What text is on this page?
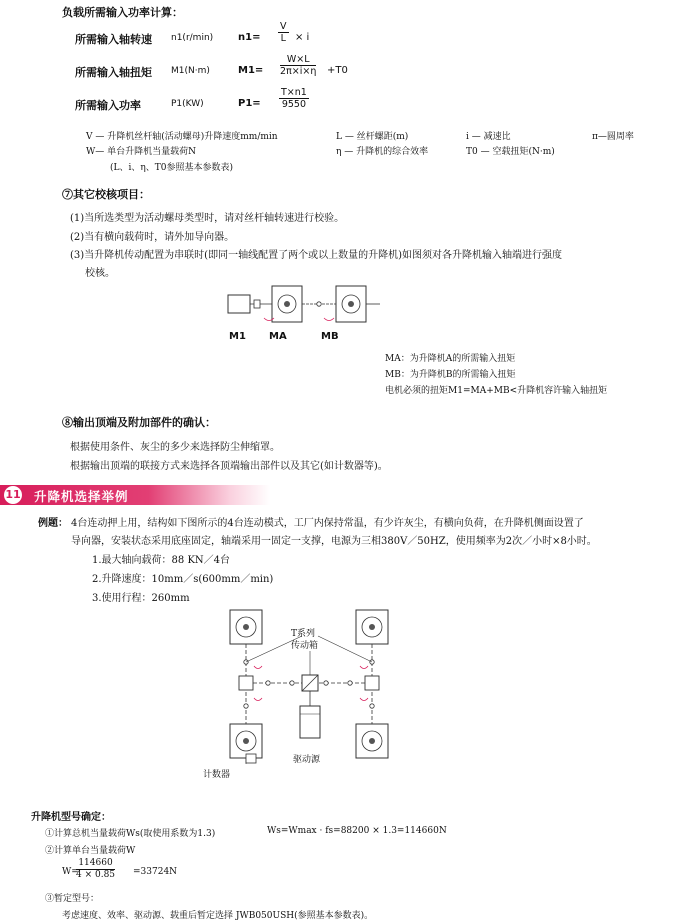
负载所需输入功率计算：
所需输入轴转速 n1(r/min) $n1= \frac{V}{L} \times i$
所需输入轴扭矩 M1(N·m)	$M1= \frac{W\times L}{2\pi\times i\times\eta} +T0$
所需输入功率	P1(KW)	$P1= \frac{T\times n1}{9550}$
V — 升降机丝杆轴(活动螺母)升降速度mm/min	L — 丝杆螺距(m)	i — 减速比	π—圆周率
W— 单台升降机当量载荷N	η — 升降机的综合效率	T0 — 空载扭矩(N·m)
(L、i、η、T0参照基本参数表)
⑦其它校核项目：
(1)当所选类型为活动螺母类型时，请对丝杆轴转速进行校验。
(2)当有横向载荷时，请外加导向器。
(3)当升降机传动配置为串联时(即同一轴线配置了两个或以上数量的升降机)如图须对各升降机输入轴端进行强度
校核。
M1 MA	MB
MA：为升降机A的所需输入扭矩
MB：为升降机B的所需输入扭矩
电机必须的扭矩M1=MA+MB<升降机容许输入轴扭矩
⑧输出顶端及附加部件的确认：
根据使用条件、灰尘的多少来选择防尘伸缩罩。
根据输出顶端的联接方式来选择各顶端输出部件以及其它(如计数器等)。
11 升降机选择举例
例题： 4台连动押上用，结构如下图所示的4台连动模式，工厂内保持常温，有少许灰尘，有横向负荷，在升降机侧面设置了
导向器，安装状态采用底座固定，轴端采用一固定一支撑，电源为三相380V／50HZ，使用频率为2次／小时×8小时。
1.最大轴向载荷：88 KN／4台
2.升降速度：10mm／s(600mm／min)
3.使用行程：260mm
T系列
传动箱
驱动源
计数器
升降机型号确定：
①计算总机当量载荷Ws(取使用系数为1.3)	Ws=Wmax · fs=88200 × 1.3=114660N
②计算单台当量载荷W
W=
$\frac{114660}{4 \times 0.85} =33724N$
③暂定型号：
考虑速度、效率、驱动源、载重后暂定选择 JWB050USH(参照基本参数表)。
